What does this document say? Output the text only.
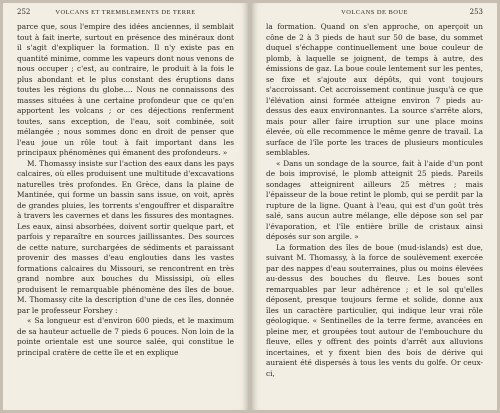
252	VOLCANS ET TREMBLEMENTS DE TERRE

parce que, sous l'empire des idées anciennes, il semblait tout à fait inerte, surtout en présence des minéraux dont il s'agit d'expliquer la formation. Il n'y existe pas en quantité minime, comme les vapeurs dont nous venons de nous occuper ; c'est, au contraire, le produit à la fois le plus abondant et le plus constant des éruptions dans toutes les régions du globe.... Nous ne connaissons des masses situées à une certaine profondeur que ce qu'en apportent les volcans ; or ces déjections renferment toutes, sans exception, de l'eau, soit combinée, soit mélangée ; nous sommes donc en droit de penser que l'eau joue un rôle tout à fait important dans les principaux phénomènes qui émanent des profondeurs. »

M. Thomassy insiste sur l'action des eaux dans les pays calcaires, où elles produisent une multitude d'excavations naturelles très profondes. En Grèce, dans la plaine de Mantinée, qui forme un bassin sans issue, on voit, après de grandes pluies, les torrents s'engouffrer et disparaître à travers les cavernes et dans les fissures des montagnes. Les eaux, ainsi absorbées, doivent sortir quelque part, et parfois y reparaître en sources jaillissantes. Des sources de cette nature, surchargées de sédiments et paraissant provenir des masses d'eau englouties dans les vastes formations calcaires du Missouri, se rencontrent en très grand nombre aux bouches du Mississipi, où elles produisent le remarquable phénomène des îles de boue. M. Thomassy cite la description d'une de ces îles, donnée par le professeur Forshey :

« Sa longueur est d'environ 600 pieds, et le maximum de sa hauteur actuelle de 7 pieds 6 pouces. Non loin de la pointe orientale est une source salée, qui constitue le principal cratère de cette île et en explique

VOLCANS DE BOUE	253

la formation. Quand on s'en approche, on aperçoit un cône de 2 à 3 pieds de haut sur 50 de base, du sommet duquel s'échappe continuellement une boue couleur de plomb, à laquelle se joignent, de temps à autre, des émissions de gaz. La boue coule lentement sur les pentes, se fixe et s'ajoute aux dépôts, qui vont toujours s'accroissant. Cet accroissement continue jusqu'à ce que l'élévation ainsi formée atteigne environ 7 pieds au-dessus des eaux environnantes. La source s'arrête alors, mais pour aller faire irruption sur une place moins élevée, où elle recommence le même genre de travail. La surface de l'île porte les traces de plusieurs monticules semblables.

« Dans un sondage de la source, fait à l'aide d'un pont de bois improvisé, le plomb atteignit 25 pieds. Pareils sondages atteignirent ailleurs 25 mètres ; mais l'épaisseur de la boue retint le plomb, qui se perdit par la rupture de la ligne. Quant à l'eau, qui est d'un goût très salé, sans aucun autre mélange, elle dépose son sel par l'évaporation, et l'île entière brille de cristaux ainsi déposés sur son argile. »

La formation des îles de boue (mud-islands) est due, suivant M. Thomassy, à la force de soulèvement exercée par des nappes d'eau souterraines, plus ou moins élevées au-dessus des bouches du fleuve. Les boues sont remarquables par leur adhérence ; et le sol qu'elles déposent, presque toujours ferme et solide, donne aux îles un caractère particulier, qui indique leur vrai rôle géologique. « Sentinelles de la terre ferme, avancées en pleine mer, et groupées tout autour de l'embouchure du fleuve, elles y offrent des points d'arrêt aux alluvions incertaines, et y fixent bien des bois de dérive qui auraient été dispersés à tous les vents du golfe. Or ceux-ci,
